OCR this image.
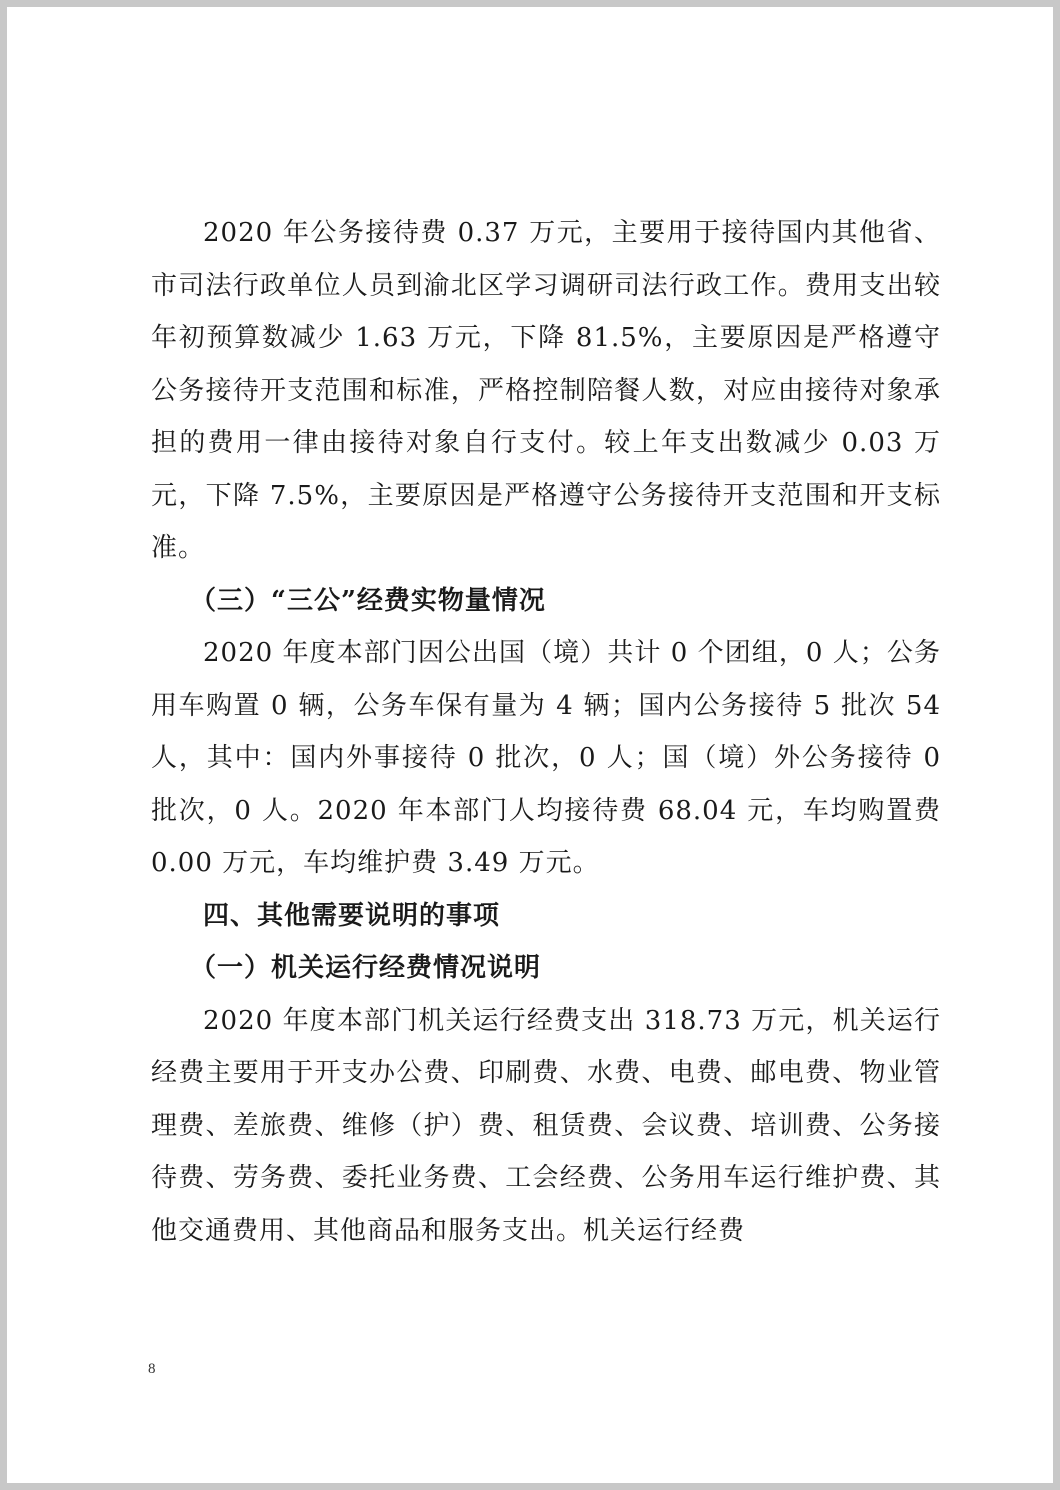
2020 年公务接待费 0.37 万元，主要用于接待国内其他省、市司法行政单位人员到渝北区学习调研司法行政工作。费用支出较年初预算数减少 1.63 万元，下降 81.5%，主要原因是严格遵守公务接待开支范围和标准，严格控制陪餐人数，对应由接待对象承担的费用一律由接待对象自行支付。较上年支出数减少 0.03 万元，下降 7.5%，主要原因是严格遵守公务接待开支范围和开支标准。

（三）“三公”经费实物量情况

2020 年度本部门因公出国（境）共计 0 个团组，0 人；公务用车购置 0 辆，公务车保有量为 4 辆；国内公务接待 5 批次 54 人，其中：国内外事接待 0 批次，0 人；国（境）外公务接待 0 批次，0 人。2020 年本部门人均接待费 68.04 元，车均购置费 0.00 万元，车均维护费 3.49 万元。

四、其他需要说明的事项

（一）机关运行经费情况说明

2020 年度本部门机关运行经费支出 318.73 万元，机关运行经费主要用于开支办公费、印刷费、水费、电费、邮电费、物业管理费、差旅费、维修（护）费、租赁费、会议费、培训费、公务接待费、劳务费、委托业务费、工会经费、公务用车运行维护费、其他交通费用、其他商品和服务支出。机关运行经费

8
